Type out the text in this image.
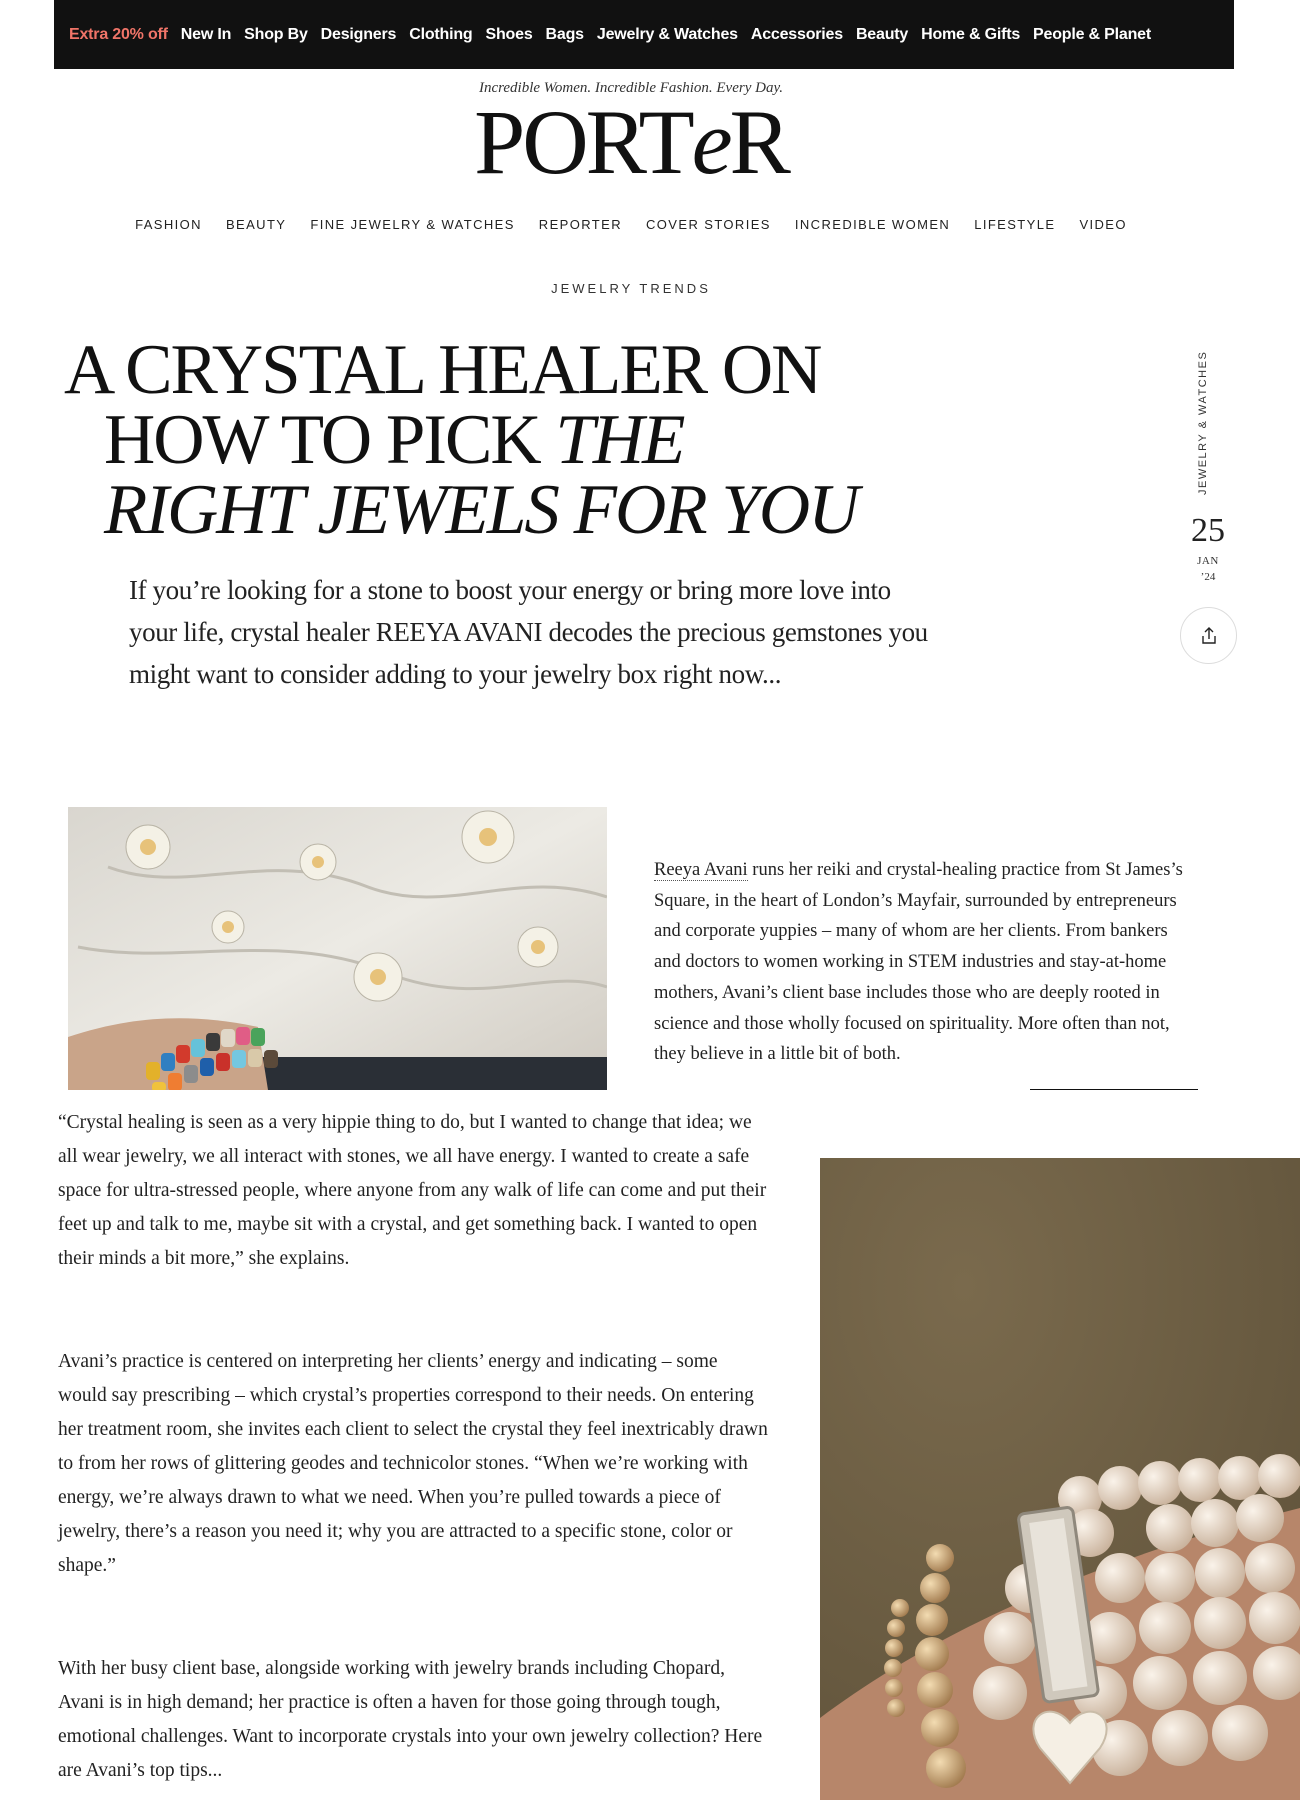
Extra 20% off New In Shop By Designers Clothing Shoes Bags Jewelry & Watches Accessories Beauty Home & Gifts People & Planet
Incredible Women. Incredible Fashion. Every Day.
PORTeR
FASHION BEAUTY FINE JEWELRY & WATCHES REPORTER COVER STORIES INCREDIBLE WOMEN LIFESTYLE VIDEO
JEWELRY TRENDS
A CRYSTAL HEALER ON
HOW TO PICK THE
RIGHT JEWELS FOR YOU

If you’re looking for a stone to boost your energy or bring more love into your life, crystal healer REEYA AVANI decodes the precious gemstones you might want to consider adding to your jewelry box right now...

JEWELRY & WATCHES
25
JAN
’24

Reeya Avani runs her reiki and crystal-healing practice from St James’s Square, in the heart of London’s Mayfair, surrounded by entrepreneurs and corporate yuppies – many of whom are her clients. From bankers and doctors to women working in STEM industries and stay-at-home mothers, Avani’s client base includes those who are deeply rooted in science and those wholly focused on spirituality. More often than not, they believe in a little bit of both.

“Crystal healing is seen as a very hippie thing to do, but I wanted to change that idea; we all wear jewelry, we all interact with stones, we all have energy. I wanted to create a safe space for ultra-stressed people, where anyone from any walk of life can come and put their feet up and talk to me, maybe sit with a crystal, and get something back. I wanted to open their minds a bit more,” she explains.

Avani’s practice is centered on interpreting her clients’ energy and indicating – some would say prescribing – which crystal’s properties correspond to their needs. On entering her treatment room, she invites each client to select the crystal they feel inextricably drawn to from her rows of glittering geodes and technicolor stones. “When we’re working with energy, we’re always drawn to what we need. When you’re pulled towards a piece of jewelry, there’s a reason you need it; why you are attracted to a specific stone, color or shape.”

With her busy client base, alongside working with jewelry brands including Chopard, Avani is in high demand; her practice is often a haven for those going through tough, emotional challenges. Want to incorporate crystals into your own jewelry collection? Here are Avani’s top tips...
